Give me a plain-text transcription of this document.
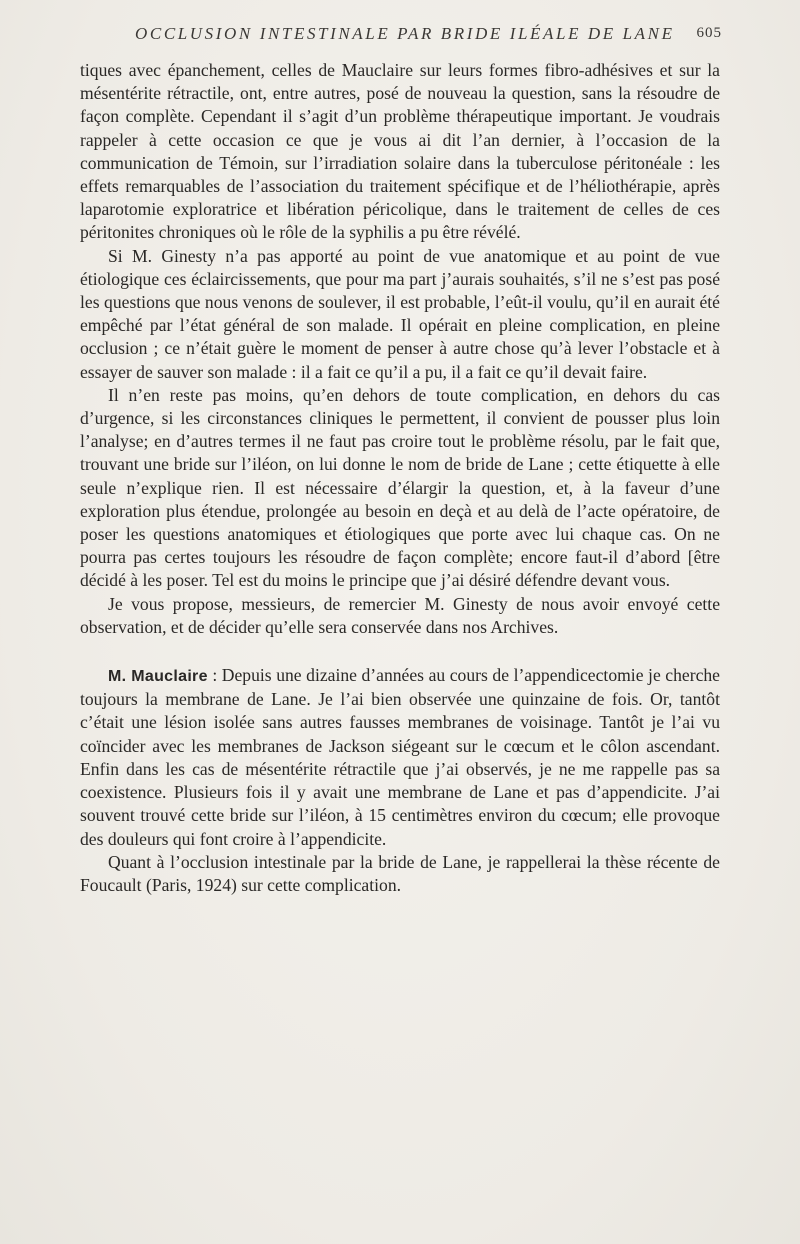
OCCLUSION INTESTINALE PAR BRIDE ILÉALE DE LANE 605

tiques avec épanchement, celles de Mauclaire sur leurs formes fibro-adhésives et sur la mésentérite rétractile, ont, entre autres, posé de nouveau la question, sans la résoudre de façon complète. Cependant il s’agit d’un problème thérapeutique important. Je voudrais rappeler à cette occasion ce que je vous ai dit l’an dernier, à l’occasion de la communication de Témoin, sur l’irradiation solaire dans la tuberculose péritonéale : les effets remarquables de l’association du traitement spécifique et de l’héliothérapie, après laparotomie exploratrice et libération péricolique, dans le traitement de celles de ces péritonites chroniques où le rôle de la syphilis a pu être révélé.

Si M. Ginesty n’a pas apporté au point de vue anatomique et au point de vue étiologique ces éclaircissements, que pour ma part j’aurais souhaités, s’il ne s’est pas posé les questions que nous venons de soulever, il est probable, l’eût-il voulu, qu’il en aurait été empêché par l’état général de son malade. Il opérait en pleine complication, en pleine occlusion ; ce n’était guère le moment de penser à autre chose qu’à lever l’obstacle et à essayer de sauver son malade : il a fait ce qu’il a pu, il a fait ce qu’il devait faire.

Il n’en reste pas moins, qu’en dehors de toute complication, en dehors du cas d’urgence, si les circonstances cliniques le permettent, il convient de pousser plus loin l’analyse; en d’autres termes il ne faut pas croire tout le problème résolu, par le fait que, trouvant une bride sur l’iléon, on lui donne le nom de bride de Lane ; cette étiquette à elle seule n’explique rien. Il est nécessaire d’élargir la question, et, à la faveur d’une exploration plus étendue, prolongée au besoin en deçà et au delà de l’acte opératoire, de poser les questions anatomiques et étiologiques que porte avec lui chaque cas. On ne pourra pas certes toujours les résoudre de façon complète; encore faut-il d’abord [être décidé à les poser. Tel est du moins le principe que j’ai désiré défendre devant vous.

Je vous propose, messieurs, de remercier M. Ginesty de nous avoir envoyé cette observation, et de décider qu’elle sera conservée dans nos Archives.

M. Mauclaire : Depuis une dizaine d’années au cours de l’appendicectomie je cherche toujours la membrane de Lane. Je l’ai bien observée une quinzaine de fois. Or, tantôt c’était une lésion isolée sans autres fausses membranes de voisinage. Tantôt je l’ai vu coïncider avec les membranes de Jackson siégeant sur le cœcum et le côlon ascendant. Enfin dans les cas de mésentérite rétractile que j’ai observés, je ne me rappelle pas sa coexistence. Plusieurs fois il y avait une membrane de Lane et pas d’appendicite. J’ai souvent trouvé cette bride sur l’iléon, à 15 centimètres environ du cœcum; elle provoque des douleurs qui font croire à l’appendicite.

Quant à l’occlusion intestinale par la bride de Lane, je rappellerai la thèse récente de Foucault (Paris, 1924) sur cette complication.
